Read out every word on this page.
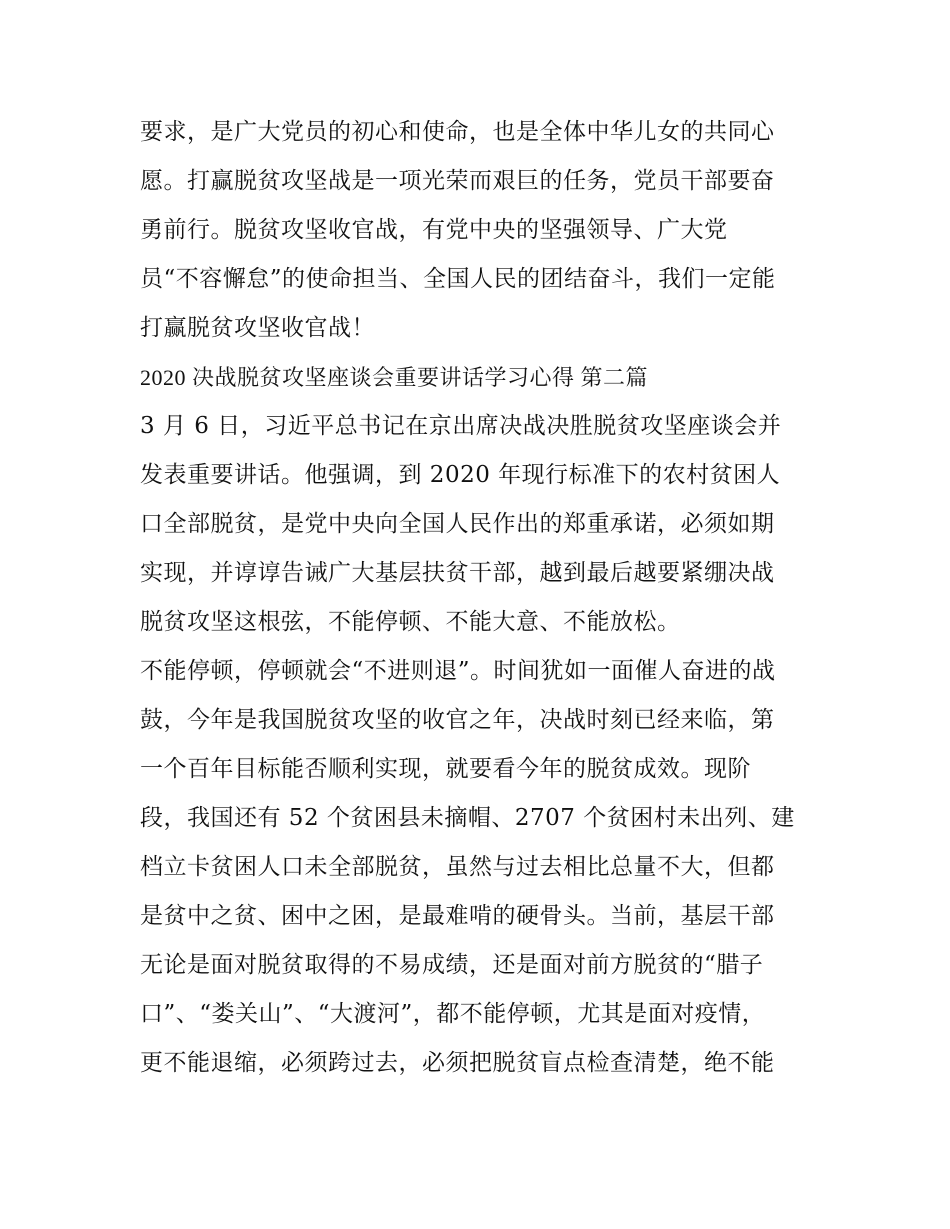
要求，是广大党员的初心和使命，也是全体中华儿女的共同心
愿。打赢脱贫攻坚战是一项光荣而艰巨的任务，党员干部要奋
勇前行。脱贫攻坚收官战，有党中央的坚强领导、广大党
员“不容懈怠”的使命担当、全国人民的团结奋斗，我们一定能
打赢脱贫攻坚收官战！
2020 决战脱贫攻坚座谈会重要讲话学习心得 第二篇
3 月 6 日，习近平总书记在京出席决战决胜脱贫攻坚座谈会并
发表重要讲话。他强调，到 2020 年现行标准下的农村贫困人
口全部脱贫，是党中央向全国人民作出的郑重承诺，必须如期
实现，并谆谆告诫广大基层扶贫干部，越到最后越要紧绷决战
脱贫攻坚这根弦，不能停顿、不能大意、不能放松。
不能停顿，停顿就会“不进则退”。时间犹如一面催人奋进的战
鼓，今年是我国脱贫攻坚的收官之年，决战时刻已经来临，第
一个百年目标能否顺利实现，就要看今年的脱贫成效。现阶
段，我国还有 52 个贫困县未摘帽、2707 个贫困村未出列、建
档立卡贫困人口未全部脱贫，虽然与过去相比总量不大，但都
是贫中之贫、困中之困，是最难啃的硬骨头。当前，基层干部
无论是面对脱贫取得的不易成绩，还是面对前方脱贫的“腊子
口”、“娄关山”、“大渡河”，都不能停顿，尤其是面对疫情，
更不能退缩，必须跨过去，必须把脱贫盲点检查清楚，绝不能
